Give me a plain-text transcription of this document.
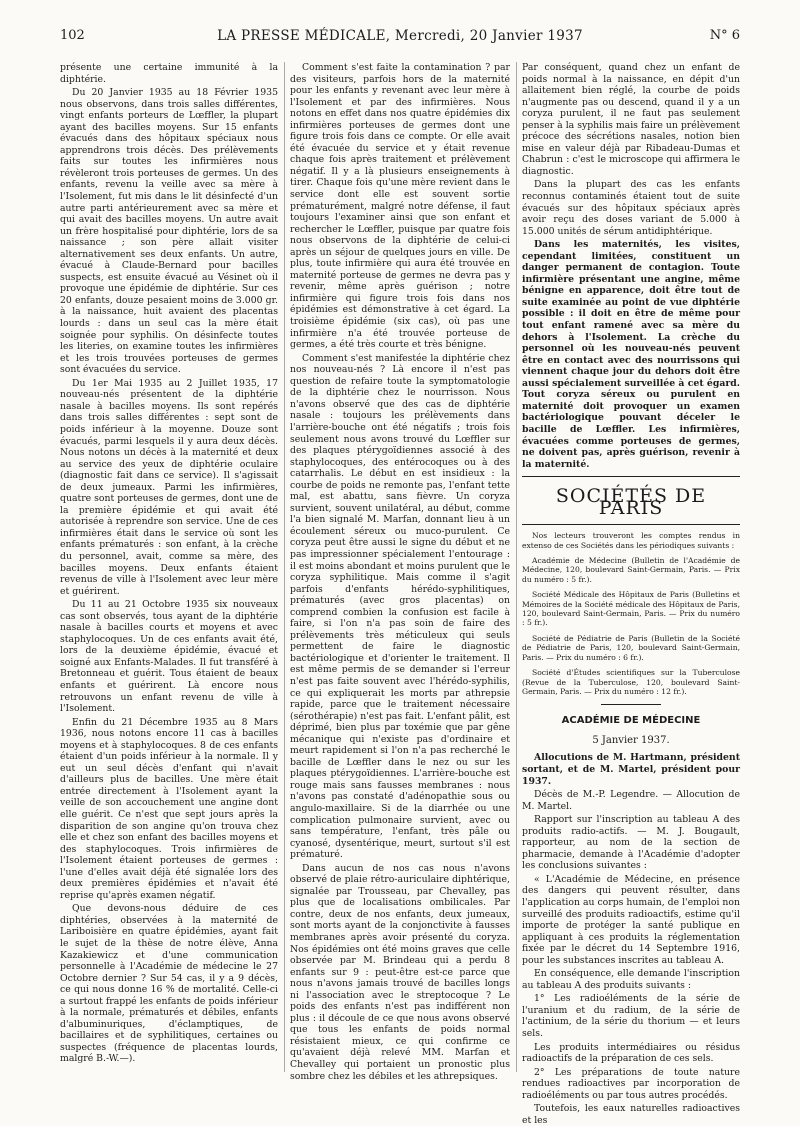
102	LA PRESSE MÉDICALE, Mercredi, 20 Janvier 1937	N° 6

présente une certaine immunité à la diphtérie.

Du 20 Janvier 1935 au 18 Février 1935 nous observons, dans trois salles différentes, vingt enfants porteurs de Lœffler, la plupart ayant des bacilles moyens. Sur 15 enfants évacués dans des hôpitaux spéciaux nous apprendrons trois décès. Des prélèvements faits sur toutes les infirmières nous révèleront trois porteuses de germes. Un des enfants, revenu la veille avec sa mère à l'Isolement, fut mis dans le lit désinfecté d'un autre parti antérieurement avec sa mère et qui avait des bacilles moyens. Un autre avait un frère hospitalisé pour diphtérie, lors de sa naissance ; son père allait visiter alternativement ses deux enfants. Un autre, évacué à Claude-Bernard pour bacilles suspects, est ensuite évacué au Vésinet où il provoque une épidémie de diphtérie. Sur ces 20 enfants, douze pesaient moins de 3.000 gr. à la naissance, huit avaient des placentas lourds : dans un seul cas la mère était soignée pour syphilis. On désinfecte toutes les literies, on examine toutes les infirmières et les trois trouvées porteuses de germes sont évacuées du service.

Du 1er Mai 1935 au 2 Juillet 1935, 17 nouveau-nés présentent de la diphtérie nasale à bacilles moyens. Ils sont repérés dans trois salles différentes : sept sont de poids inférieur à la moyenne. Douze sont évacués, parmi lesquels il y aura deux décès. Nous notons un décès à la maternité et deux au service des yeux de diphtérie oculaire (diagnostic fait dans ce service). Il s'agissait de deux jumeaux. Parmi les infirmières, quatre sont porteuses de germes, dont une de la première épidémie et qui avait été autorisée à reprendre son service. Une de ces infirmières était dans le service où sont les enfants prématurés : son enfant, à la crèche du personnel, avait, comme sa mère, des bacilles moyens. Deux enfants étaient revenus de ville à l'Isolement avec leur mère et guérirent.

Du 11 au 21 Octobre 1935 six nouveaux cas sont observés, tous ayant de la diphtérie nasale à bacilles courts et moyens et avec staphylocoques. Un de ces enfants avait été, lors de la deuxième épidémie, évacué et soigné aux Enfants-Malades. Il fut transféré à Bretonneau et guérit. Tous étaient de beaux enfants et guérirent. Là encore nous retrouvons un enfant revenu de ville à l'Isolement.

Enfin du 21 Décembre 1935 au 8 Mars 1936, nous notons encore 11 cas à bacilles moyens et à staphylocoques. 8 de ces enfants étaient d'un poids inférieur à la normale. Il y eut un seul décès d'enfant qui n'avait d'ailleurs plus de bacilles. Une mère était entrée directement à l'Isolement ayant la veille de son accouchement une angine dont elle guérit. Ce n'est que sept jours après la disparition de son angine qu'on trouva chez elle et chez son enfant des bacilles moyens et des staphylocoques. Trois infirmières de l'Isolement étaient porteuses de germes : l'une d'elles avait déjà été signalée lors des deux premières épidémies et n'avait été reprise qu'après examen négatif.

Que devons-nous déduire de ces diphtéries, observées à la maternité de Lariboisière en quatre épidémies, ayant fait le sujet de la thèse de notre élève, Anna Kazakiewicz et d'une communication personnelle à l'Académie de médecine le 27 Octobre dernier ? Sur 54 cas, il y a 9 décès, ce qui nous donne 16 % de mortalité. Celle-ci a surtout frappé les enfants de poids inférieur à la normale, prématurés et débiles, enfants d'albuminuriques, d'éclamptiques, de bacillaires et de syphilitiques, certaines ou suspectes (fréquence de placentas lourds, malgré B.-W.—).

Comment s'est faite la contamination ? par des visiteurs, parfois hors de la maternité pour les enfants y revenant avec leur mère à l'Isolement et par des infirmières. Nous notons en effet dans nos quatre épidémies dix infirmières porteuses de germes dont une figure trois fois dans ce compte. Or elle avait été évacuée du service et y était revenue chaque fois après traitement et prélèvement négatif. Il y a là plusieurs enseignements à tirer. Chaque fois qu'une mère revient dans le service dont elle est souvent sortie prématurément, malgré notre défense, il faut toujours l'examiner ainsi que son enfant et rechercher le Lœffler, puisque par quatre fois nous observons de la diphtérie de celui-ci après un séjour de quelques jours en ville. De plus, toute infirmière qui aura été trouvée en maternité porteuse de germes ne devra pas y revenir, même après guérison ; notre infirmière qui figure trois fois dans nos épidémies est démonstrative à cet égard. La troisième épidémie (six cas), où pas une infirmière n'a été trouvée porteuse de germes, a été très courte et très bénigne.

Comment s'est manifestée la diphtérie chez nos nouveau-nés ? Là encore il n'est pas question de refaire toute la symptomatologie de la diphtérie chez le nourrisson. Nous n'avons observé que des cas de diphtérie nasale : toujours les prélèvements dans l'arrière-bouche ont été négatifs ; trois fois seulement nous avons trouvé du Lœffler sur des plaques ptérygoïdiennes associé à des staphylocoques, des entérocoques ou à des catarrhalis. Le début en est insidieux : la courbe de poids ne remonte pas, l'enfant tette mal, est abattu, sans fièvre. Un coryza survient, souvent unilatéral, au début, comme l'a bien signalé M. Marfan, donnant lieu à un écoulement séreux ou muco-purulent. Ce coryza peut être aussi le signe du début et ne pas impressionner spécialement l'entourage : il est moins abondant et moins purulent que le coryza syphilitique. Mais comme il s'agit parfois d'enfants hérédo-syphilitiques, prématurés (avec gros placentas) on comprend combien la confusion est facile à faire, si l'on n'a pas soin de faire des prélèvements très méticuleux qui seuls permettent de faire le diagnostic bactériologique et d'orienter le traitement. Il est même permis de se demander si l'erreur n'est pas faite souvent avec l'hérédo-syphilis, ce qui expliquerait les morts par athrepsie rapide, parce que le traitement nécessaire (sérothérapie) n'est pas fait. L'enfant pâlit, est déprimé, bien plus par toxémie que par gêne mécanique qui n'existe pas d'ordinaire et meurt rapidement si l'on n'a pas recherché le bacille de Lœffler dans le nez ou sur les plaques ptérygoïdiennes. L'arrière-bouche est rouge mais sans fausses membranes : nous n'avons pas constaté d'adénopathie sous ou angulo-maxillaire. Si de la diarrhée ou une complication pulmonaire survient, avec ou sans température, l'enfant, très pâle ou cyanosé, dysentérique, meurt, surtout s'il est prématuré.

Dans aucun de nos cas nous n'avons observé de plaie rétro-auriculaire diphtérique, signalée par Trousseau, par Chevalley, pas plus que de localisations ombilicales. Par contre, deux de nos enfants, deux jumeaux, sont morts ayant de la conjonctivite à fausses membranes après avoir présenté du coryza. Nos épidémies ont été moins graves que celle observée par M. Brindeau qui a perdu 8 enfants sur 9 : peut-être est-ce parce que nous n'avons jamais trouvé de bacilles longs ni l'association avec le streptocoque ? Le poids des enfants n'est pas indifférent non plus : il découle de ce que nous avons observé que tous les enfants de poids normal résistaient mieux, ce qui confirme ce qu'avaient déjà relevé MM. Marfan et Chevalley qui portaient un pronostic plus sombre chez les débiles et les athrepsiques.

Par conséquent, quand chez un enfant de poids normal à la naissance, en dépit d'un allaitement bien réglé, la courbe de poids n'augmente pas ou descend, quand il y a un coryza purulent, il ne faut pas seulement penser à la syphilis mais faire un prélèvement précoce des sécrétions nasales, notion bien mise en valeur déjà par Ribadeau-Dumas et Chabrun : c'est le microscope qui affirmera le diagnostic.

Dans la plupart des cas les enfants reconnus contaminés étaient tout de suite évacués sur des hôpitaux spéciaux après avoir reçu des doses variant de 5.000 à 15.000 unités de sérum antidiphtérique.

Dans les maternités, les visites, cependant limitées, constituent un danger permanent de contagion. Toute infirmière présentant une angine, même bénigne en apparence, doit être tout de suite examinée au point de vue diphtérie possible : il doit en être de même pour tout enfant ramené avec sa mère du dehors à l'Isolement. La crèche du personnel où les nouveau-nés peuvent être en contact avec des nourrissons qui viennent chaque jour du dehors doit être aussi spécialement surveillée à cet égard. Tout coryza séreux ou purulent en maternité doit provoquer un examen bactériologique pouvant déceler le bacille de Lœffler. Les infirmières, évacuées comme porteuses de germes, ne doivent pas, après guérison, revenir à la maternité.

SOCIÉTÉS DE PARIS

Nos lecteurs trouveront les comptes rendus in extenso de ces Sociétés dans les périodiques suivants :

Académie de Médecine (Bulletin de l'Académie de Médecine, 120, boulevard Saint-Germain, Paris. — Prix du numéro : 5 fr.).

Société Médicale des Hôpitaux de Paris (Bulletins et Mémoires de la Société médicale des Hôpitaux de Paris, 120, boulevard Saint-Germain, Paris. — Prix du numéro : 5 fr.).

Société de Pédiatrie de Paris (Bulletin de la Société de Pédiatrie de Paris, 120, boulevard Saint-Germain, Paris. — Prix du numéro : 6 fr.).

Société d'Études scientifiques sur la Tuberculose (Revue de la Tuberculose, 120, boulevard Saint-Germain, Paris. — Prix du numéro : 12 fr.).

ACADÉMIE DE MÉDECINE
5 Janvier 1937.

Allocutions de M. Hartmann, président sortant, et de M. Martel, président pour 1937.

Décès de M.-P. Legendre. — Allocution de M. Martel.

Rapport sur l'inscription au tableau A des produits radio-actifs. — M. J. Bougault, rapporteur, au nom de la section de pharmacie, demande à l'Académie d'adopter les conclusions suivantes :

« L'Académie de Médecine, en présence des dangers qui peuvent résulter, dans l'application au corps humain, de l'emploi non surveillé des produits radioactifs, estime qu'il importe de protéger la santé publique en appliquant à ces produits la réglementation fixée par le décret du 14 Septembre 1916, pour les substances inscrites au tableau A.

En conséquence, elle demande l'inscription au tableau A des produits suivants :

1° Les radioéléments de la série de l'uranium et du radium, de la série de l'actinium, de la série du thorium — et leurs sels.

Les produits intermédiaires ou résidus radioactifs de la préparation de ces sels.

2° Les préparations de toute nature rendues radioactives par incorporation de radioéléments ou par tous autres procédés.

Toutefois, les eaux naturelles radioactives et les
